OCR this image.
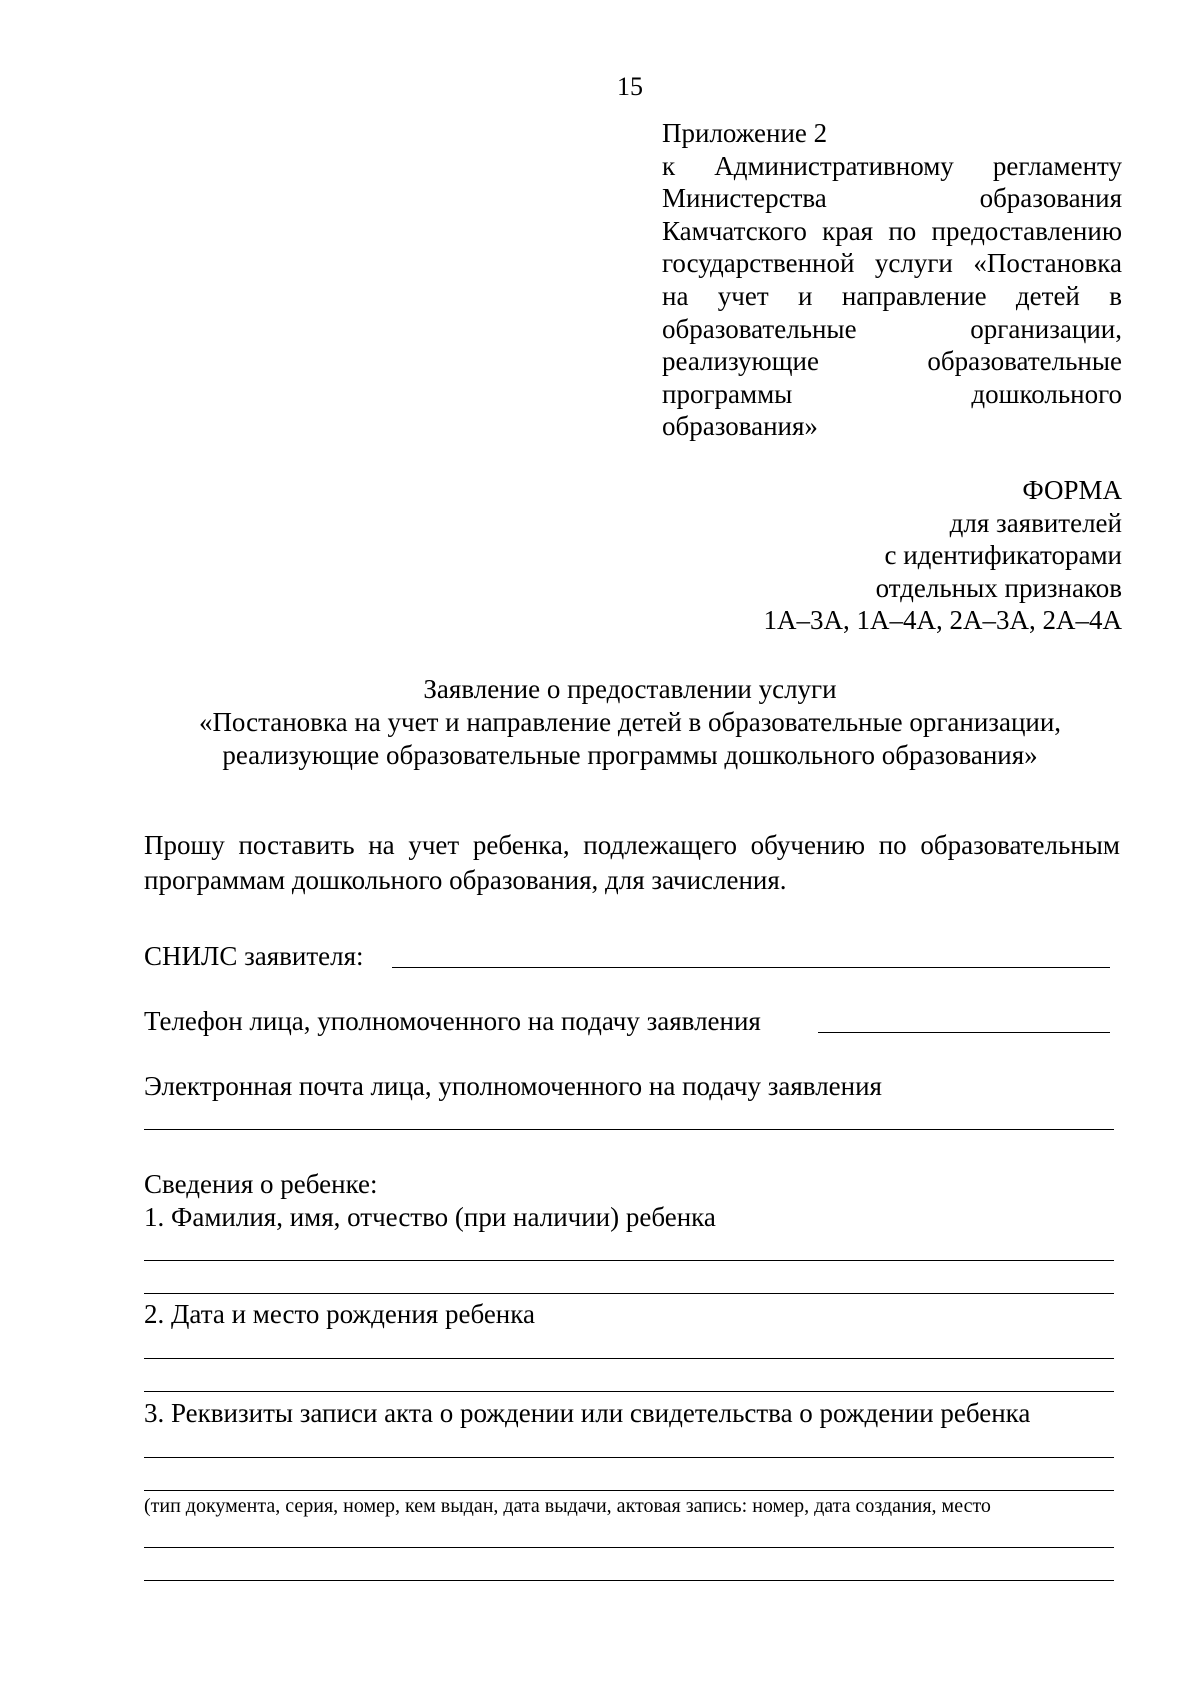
15
Приложение 2
к Административному регламенту
Министерства образования
Камчатского края по предоставлению
государственной услуги «Постановка
на учет и направление детей в
образовательные организации,
реализующие образовательные
программы дошкольного
образования»
ФОРМА
для заявителей
с идентификаторами
отдельных признаков
1А–3А, 1А–4А, 2А–3А, 2А–4А
Заявление о предоставлении услуги
«Постановка на учет и направление детей в образовательные организации,
реализующие образовательные программы дошкольного образования»
Прошу поставить на учет ребенка, подлежащего обучению по образовательным
программам дошкольного образования, для зачисления.
СНИЛС заявителя:
Телефон лица, уполномоченного на подачу заявления
Электронная почта лица, уполномоченного на подачу заявления
Сведения о ребенке:
1. Фамилия, имя, отчество (при наличии) ребенка
2. Дата и место рождения ребенка
3. Реквизиты записи акта о рождении или свидетельства о рождении ребенка
(тип документа, серия, номер, кем выдан, дата выдачи, актовая запись: номер, дата создания, место
